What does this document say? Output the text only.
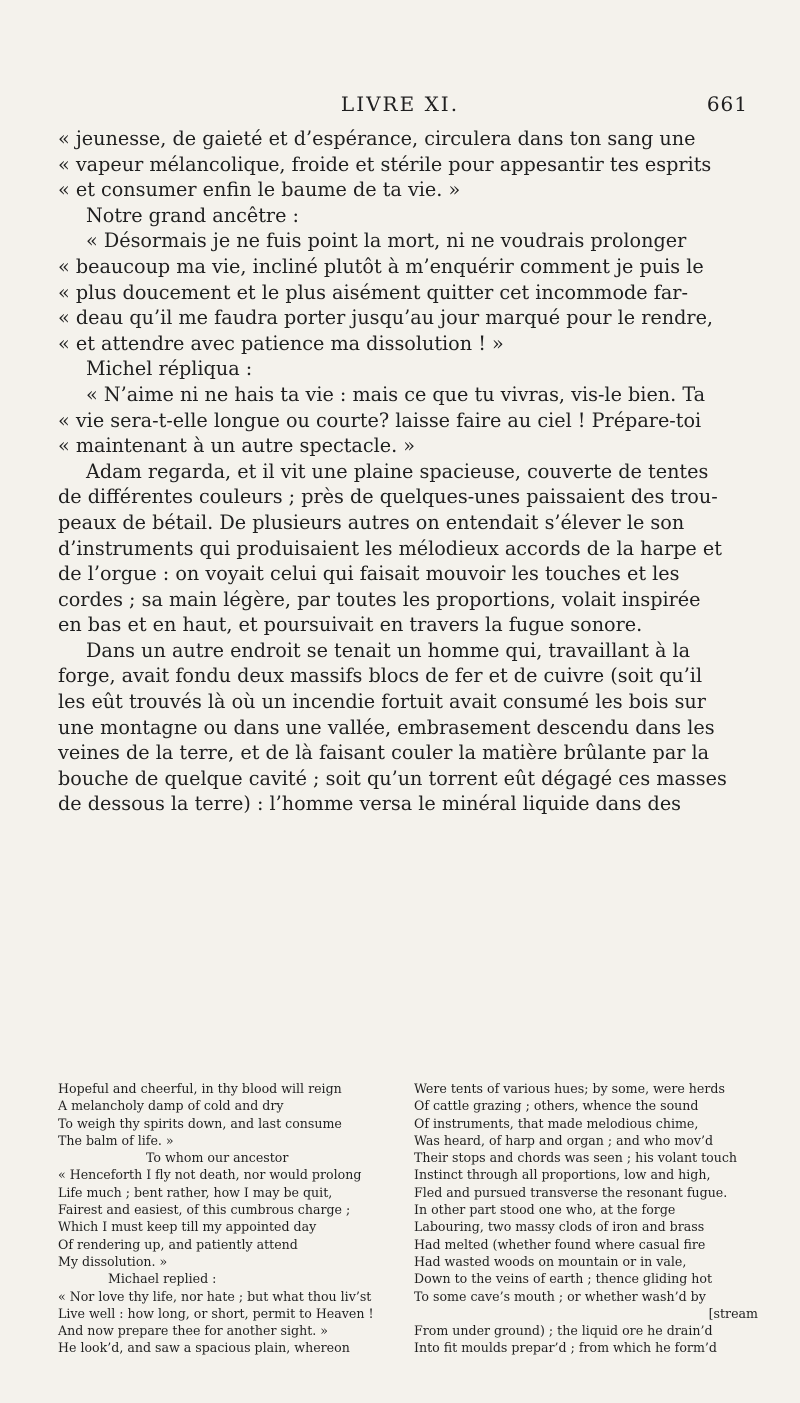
LIVRE XI.	661

« jeunesse, de gaieté et d’espérance, circulera dans ton sang une

« vapeur mélancolique, froide et stérile pour appesantir tes esprits

« et consumer enfin le baume de ta vie. »

Notre grand ancêtre :

« Désormais je ne fuis point la mort, ni ne voudrais prolonger

« beaucoup ma vie, incliné plutôt à m’enquérir comment je puis le

« plus doucement et le plus aisément quitter cet incommode far-

« deau qu’il me faudra porter jusqu’au jour marqué pour le rendre,

« et attendre avec patience ma dissolution ! »

Michel répliqua :

« N’aime ni ne hais ta vie : mais ce que tu vivras, vis-le bien. Ta

« vie sera-t-elle longue ou courte? laisse faire au ciel ! Prépare-toi

« maintenant à un autre spectacle. »

Adam regarda, et il vit une plaine spacieuse, couverte de tentes

de différentes couleurs ; près de quelques-unes paissaient des trou-

peaux de bétail. De plusieurs autres on entendait s’élever le son

d’instruments qui produisaient les mélodieux accords de la harpe et

de l’orgue : on voyait celui qui faisait mouvoir les touches et les

cordes ; sa main légère, par toutes les proportions, volait inspirée

en bas et en haut, et poursuivait en travers la fugue sonore.

Dans un autre endroit se tenait un homme qui, travaillant à la

forge, avait fondu deux massifs blocs de fer et de cuivre (soit qu’il

les eût trouvés là où un incendie fortuit avait consumé les bois sur

une montagne ou dans une vallée, embrasement descendu dans les

veines de la terre, et de là faisant couler la matière brûlante par la

bouche de quelque cavité ; soit qu’un torrent eût dégagé ces masses

de dessous la terre) : l’homme versa le minéral liquide dans des

Hopeful and cheerful, in thy blood will reign

A melancholy damp of cold and dry

To weigh thy spirits down, and last consume

The balm of life. »

To whom our ancestor

« Henceforth I fly not death, nor would prolong

Life much ; bent rather, how I may be quit,

Fairest and easiest, of this cumbrous charge ;

Which I must keep till my appointed day

Of rendering up, and patiently attend

My dissolution. »

Michael replied :

« Nor love thy life, nor hate ; but what thou liv’st

Live well : how long, or short, permit to Heaven !

And now prepare thee for another sight. »

He look’d, and saw a spacious plain, whereon

Were tents of various hues; by some, were herds

Of cattle grazing ; others, whence the sound

Of instruments, that made melodious chime,

Was heard, of harp and organ ; and who mov’d

Their stops and chords was seen ; his volant touch

Instinct through all proportions, low and high,

Fled and pursued transverse the resonant fugue.

In other part stood one who, at the forge

Labouring, two massy clods of iron and brass

Had melted (whether found where casual fire

Had wasted woods on mountain or in vale,

Down to the veins of earth ; thence gliding hot

To some cave’s mouth ; or whether wash’d by

[stream

From under ground) ; the liquid ore he drain’d

Into fit moulds prepar’d ; from which he form’d
